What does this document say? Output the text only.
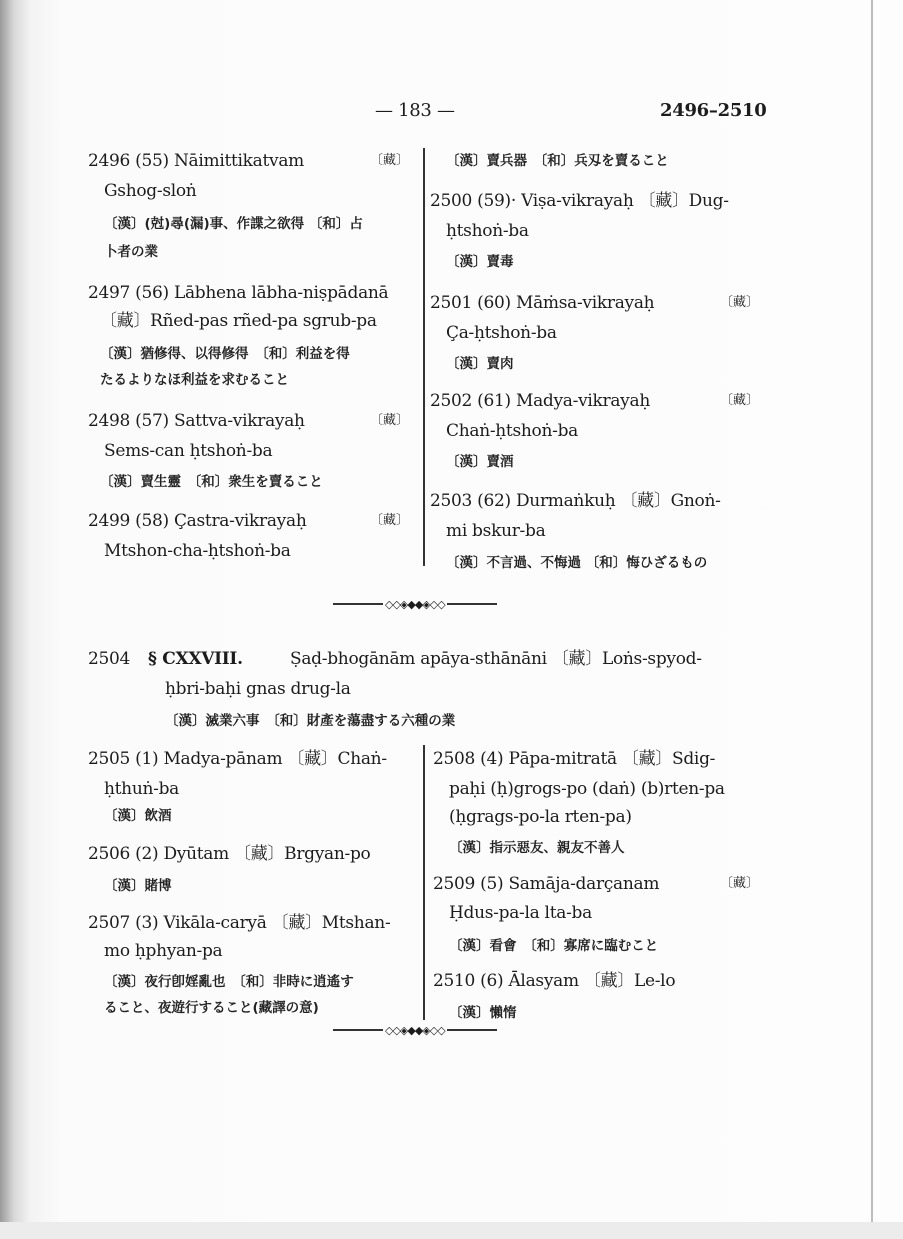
— 183 —	2496–2510
2496 (55) Nāimittikatvam	〔藏〕
Gshog-sloṅ
〔漢〕(尅)尋(漏)事、作諜之欲得 〔和〕占
卜者の業
2497 (56) Lābhena lābha-niṣpādanā
〔藏〕Rñed-pas rñed-pa sgrub-pa
〔漢〕猶修得、以得修得　〔和〕利益を得
たるよりなほ利益を求むること
2498 (57) Sattva-vikrayaḥ	〔藏〕
Sems-can ḥtshoṅ-ba
〔漢〕賣生靈　〔和〕衆生を賣ること
2499 (58) Çastra-vikrayaḥ	〔藏〕
Mtshon-cha-ḥtshoṅ-ba
〔漢〕賣兵器　〔和〕兵刄を賣ること
2500 (59)· Viṣa-vikrayaḥ 〔藏〕Dug-
ḥtshoṅ-ba
〔漢〕賣毒
2501 (60) Māṁsa-vikrayaḥ	〔藏〕
Ça-ḥtshoṅ-ba
〔漢〕賣肉
2502 (61) Madya-vikrayaḥ	〔藏〕
Chaṅ-ḥtshoṅ-ba
〔漢〕賣酒
2503 (62) Durmaṅkuḥ 〔藏〕Gnoṅ-
mi bskur-ba
〔漢〕不言過、不悔過 〔和〕悔ひざるもの
◇◇◈◆◆◈◇◇
2504 § CXXVIII.	Ṣaḍ-bhogānām apāya-sthānāni 〔藏〕Loṅs-spyod-
ḥbri-baḥi gnas drug-la
〔漢〕滅業六事　〔和〕財產を蕩盡する六種の業
2505 (1) Madya-pānam 〔藏〕Chaṅ-
ḥthuṅ-ba
〔漢〕飲酒
2506 (2) Dyūtam 〔藏〕Brgyan-po
〔漢〕賭博
2507 (3) Vikāla-caryā 〔藏〕Mtshan-
mo ḥphyan-pa
〔漢〕夜行卽婬亂也　〔和〕非時に逍遙す
ること、夜遊行すること(藏譯の意)
2508 (4) Pāpa-mitratā 〔藏〕Sdig-
paḥi (ḥ)grogs-po (daṅ) (b)rten-pa
(ḥgrags-po-la rten-pa)
〔漢〕指示惡友、親友不善人
2509 (5) Samāja-darçanam	〔藏〕
Ḥdus-pa-la lta-ba
〔漢〕看會　〔和〕寡席に臨むこと
2510 (6) Ālasyam 〔藏〕Le-lo
〔漢〕懶惰
◇◇◈◆◆◈◇◇
